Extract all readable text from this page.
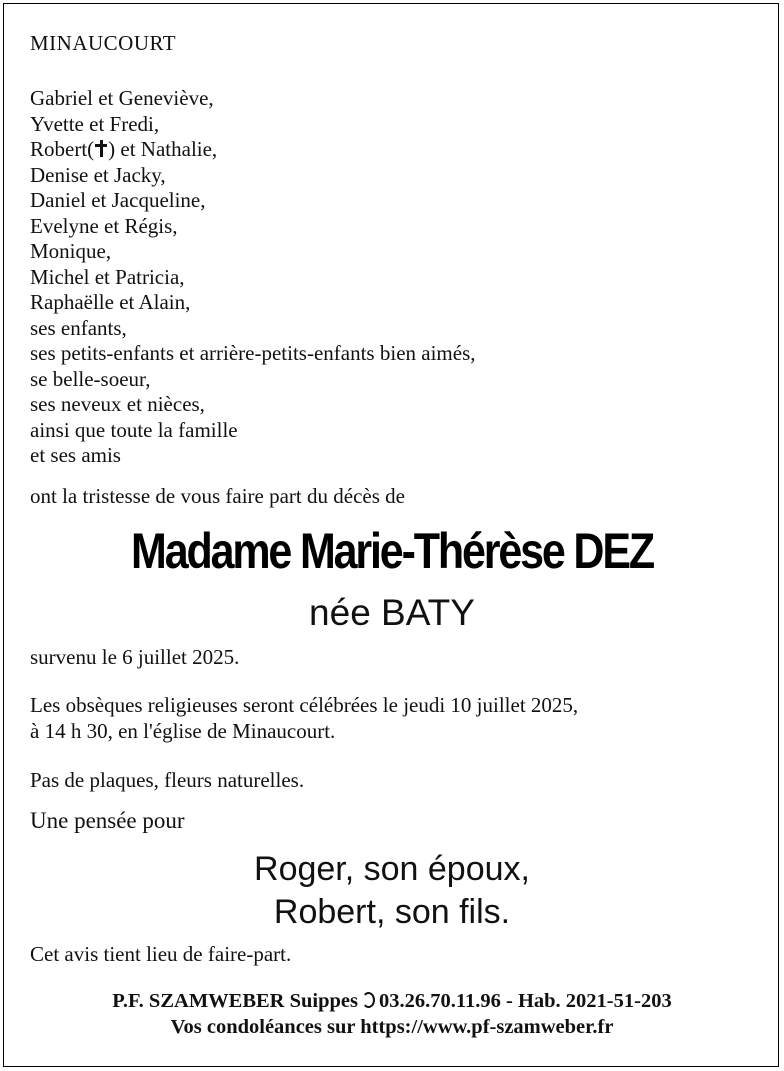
MINAUCOURT
Gabriel et Geneviève,
Yvette et Fredi,
Robert( ) et Nathalie,
Denise et Jacky,
Daniel et Jacqueline,
Evelyne et Régis,
Monique,
Michel et Patricia,
Raphaëlle et Alain,
ses enfants,
ses petits-enfants et arrière-petits-enfants bien aimés,
se belle-soeur,
ses neveux et nièces,
ainsi que toute la famille
et ses amis
ont la tristesse de vous faire part du décès de
Madame Marie-Thérèse DEZ
née BATY
survenu le 6 juillet 2025.
Les obsèques religieuses seront célébrées le jeudi 10 juillet 2025,
à 14 h 30, en l'église de Minaucourt.
Pas de plaques, fleurs naturelles.
Une pensée pour
Roger, son époux,
Robert, son fils.
Cet avis tient lieu de faire-part.
P.F. SZAMWEBER Suippes 03.26.70.11.96 - Hab. 2021-51-203
Vos condoléances sur https://www.pf-szamweber.fr
